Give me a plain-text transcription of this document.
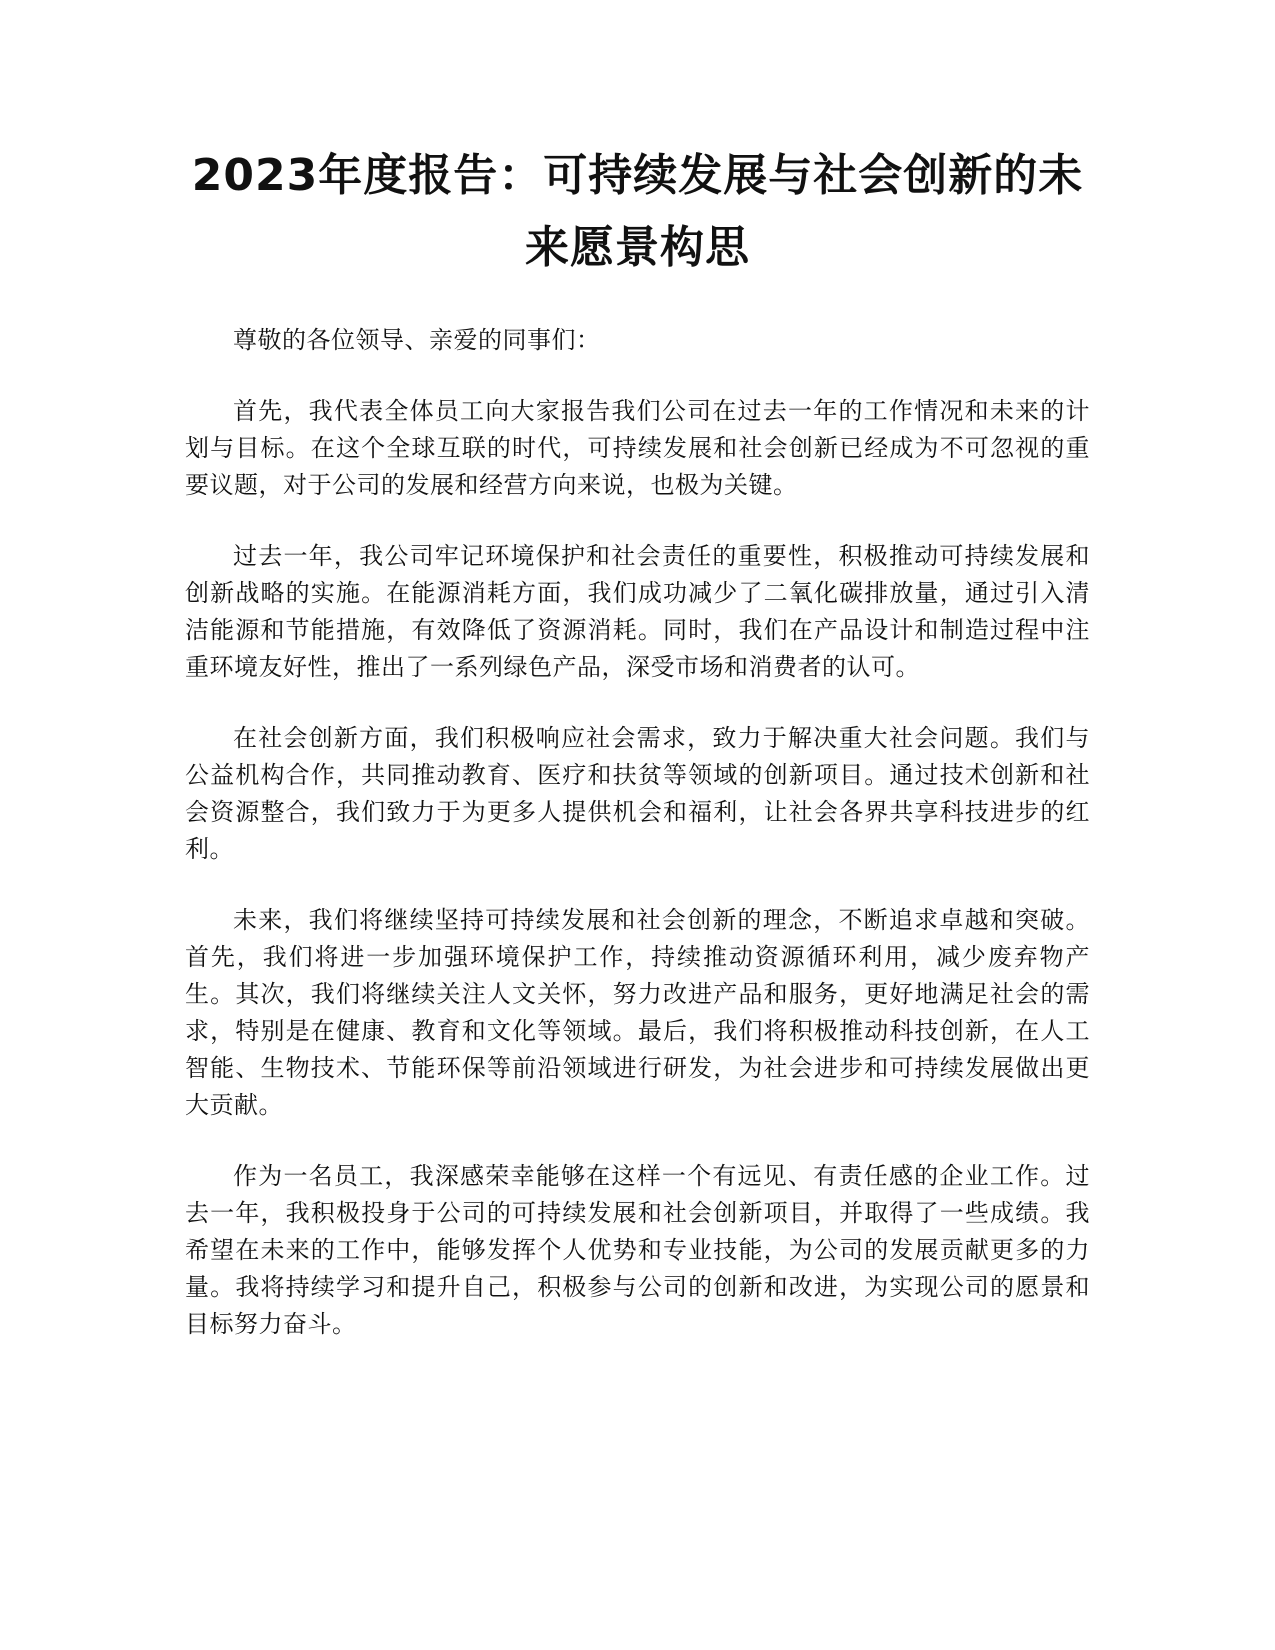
2023年度报告：可持续发展与社会创新的未来愿景构思

尊敬的各位领导、亲爱的同事们：

首先，我代表全体员工向大家报告我们公司在过去一年的工作情况和未来的计划与目标。在这个全球互联的时代，可持续发展和社会创新已经成为不可忽视的重要议题，对于公司的发展和经营方向来说，也极为关键。

过去一年，我公司牢记环境保护和社会责任的重要性，积极推动可持续发展和创新战略的实施。在能源消耗方面，我们成功减少了二氧化碳排放量，通过引入清洁能源和节能措施，有效降低了资源消耗。同时，我们在产品设计和制造过程中注重环境友好性，推出了一系列绿色产品，深受市场和消费者的认可。

在社会创新方面，我们积极响应社会需求，致力于解决重大社会问题。我们与公益机构合作，共同推动教育、医疗和扶贫等领域的创新项目。通过技术创新和社会资源整合，我们致力于为更多人提供机会和福利，让社会各界共享科技进步的红利。

未来，我们将继续坚持可持续发展和社会创新的理念，不断追求卓越和突破。首先，我们将进一步加强环境保护工作，持续推动资源循环利用，减少废弃物产生。其次，我们将继续关注人文关怀，努力改进产品和服务，更好地满足社会的需求，特别是在健康、教育和文化等领域。最后，我们将积极推动科技创新，在人工智能、生物技术、节能环保等前沿领域进行研发，为社会进步和可持续发展做出更大贡献。

作为一名员工，我深感荣幸能够在这样一个有远见、有责任感的企业工作。过去一年，我积极投身于公司的可持续发展和社会创新项目，并取得了一些成绩。我希望在未来的工作中，能够发挥个人优势和专业技能，为公司的发展贡献更多的力量。我将持续学习和提升自己，积极参与公司的创新和改进，为实现公司的愿景和目标努力奋斗。
